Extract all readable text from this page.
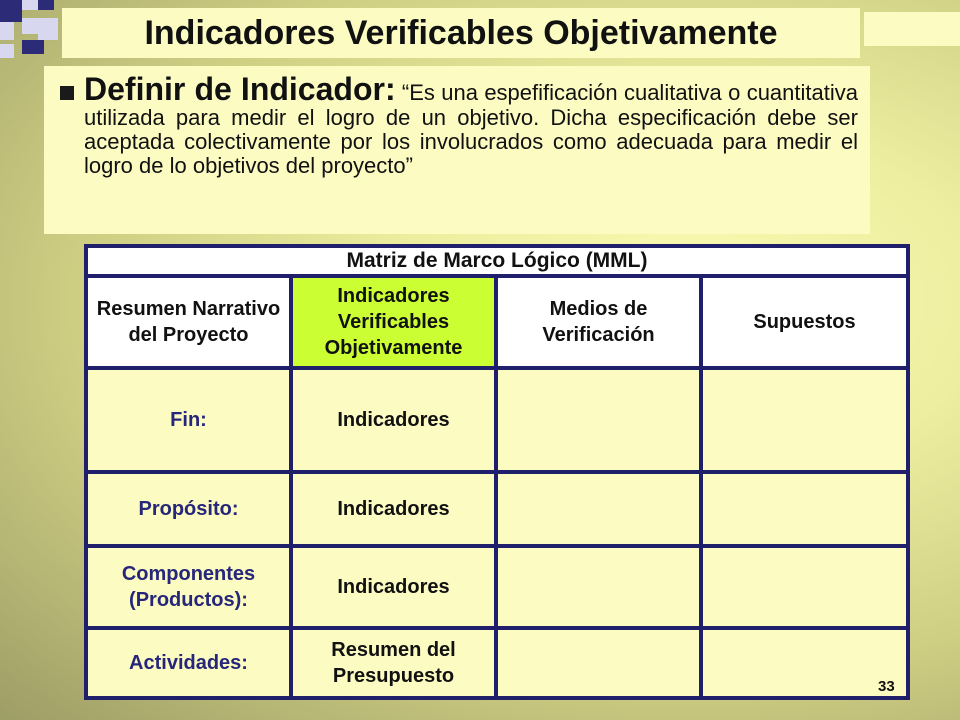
Indicadores Verificables Objetivamente
Definir de Indicador: “Es una espefificación cualitativa o cuantitativa utilizada para medir el logro de un objetivo. Dicha especificación debe ser aceptada colectivamente por los involucrados como adecuada para medir el logro de lo objetivos del proyecto”
Matriz de Marco Lógico (MML)			
Resumen Narrativo del Proyecto	Indicadores Verificables Objetivamente	Medios de Verificación	Supuestos
Fin:	Indicadores		
Propósito:	Indicadores		
Componentes (Productos):	Indicadores		
Actividades:	Resumen del Presupuesto			33
